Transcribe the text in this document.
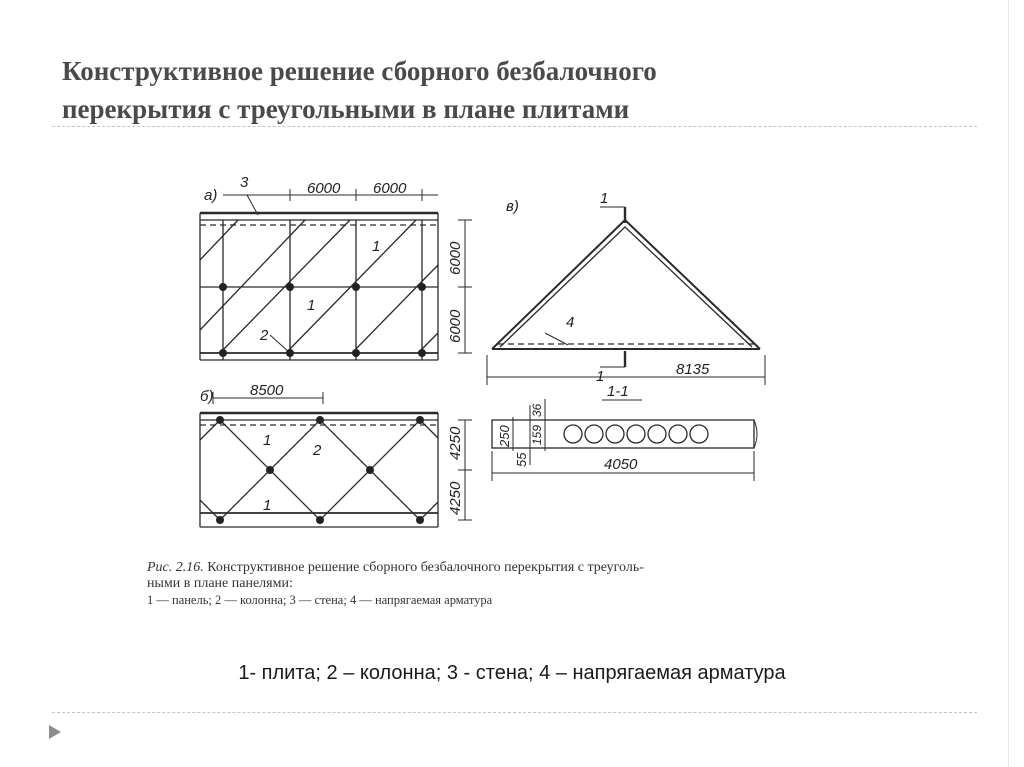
Конструктивное решение сборного безбалочного
перекрытия с треугольными в плане плитами
а)
3	6000 6000
1
1
2
6000
6000
б) 8500
1
2
1
4250
4250
в)	1
1
4
8135
1-1
250
55
159
36
4050

Рис. 2.16. Конструктивное решение сборного безбалочного перекрытия с треуголь-
ными в плане панелями:
1 — панель; 2 — колонна; 3 — стена; 4 — напрягаемая арматура

1- плита; 2 – колонна; 3 - стена; 4 – напрягаемая арматура
